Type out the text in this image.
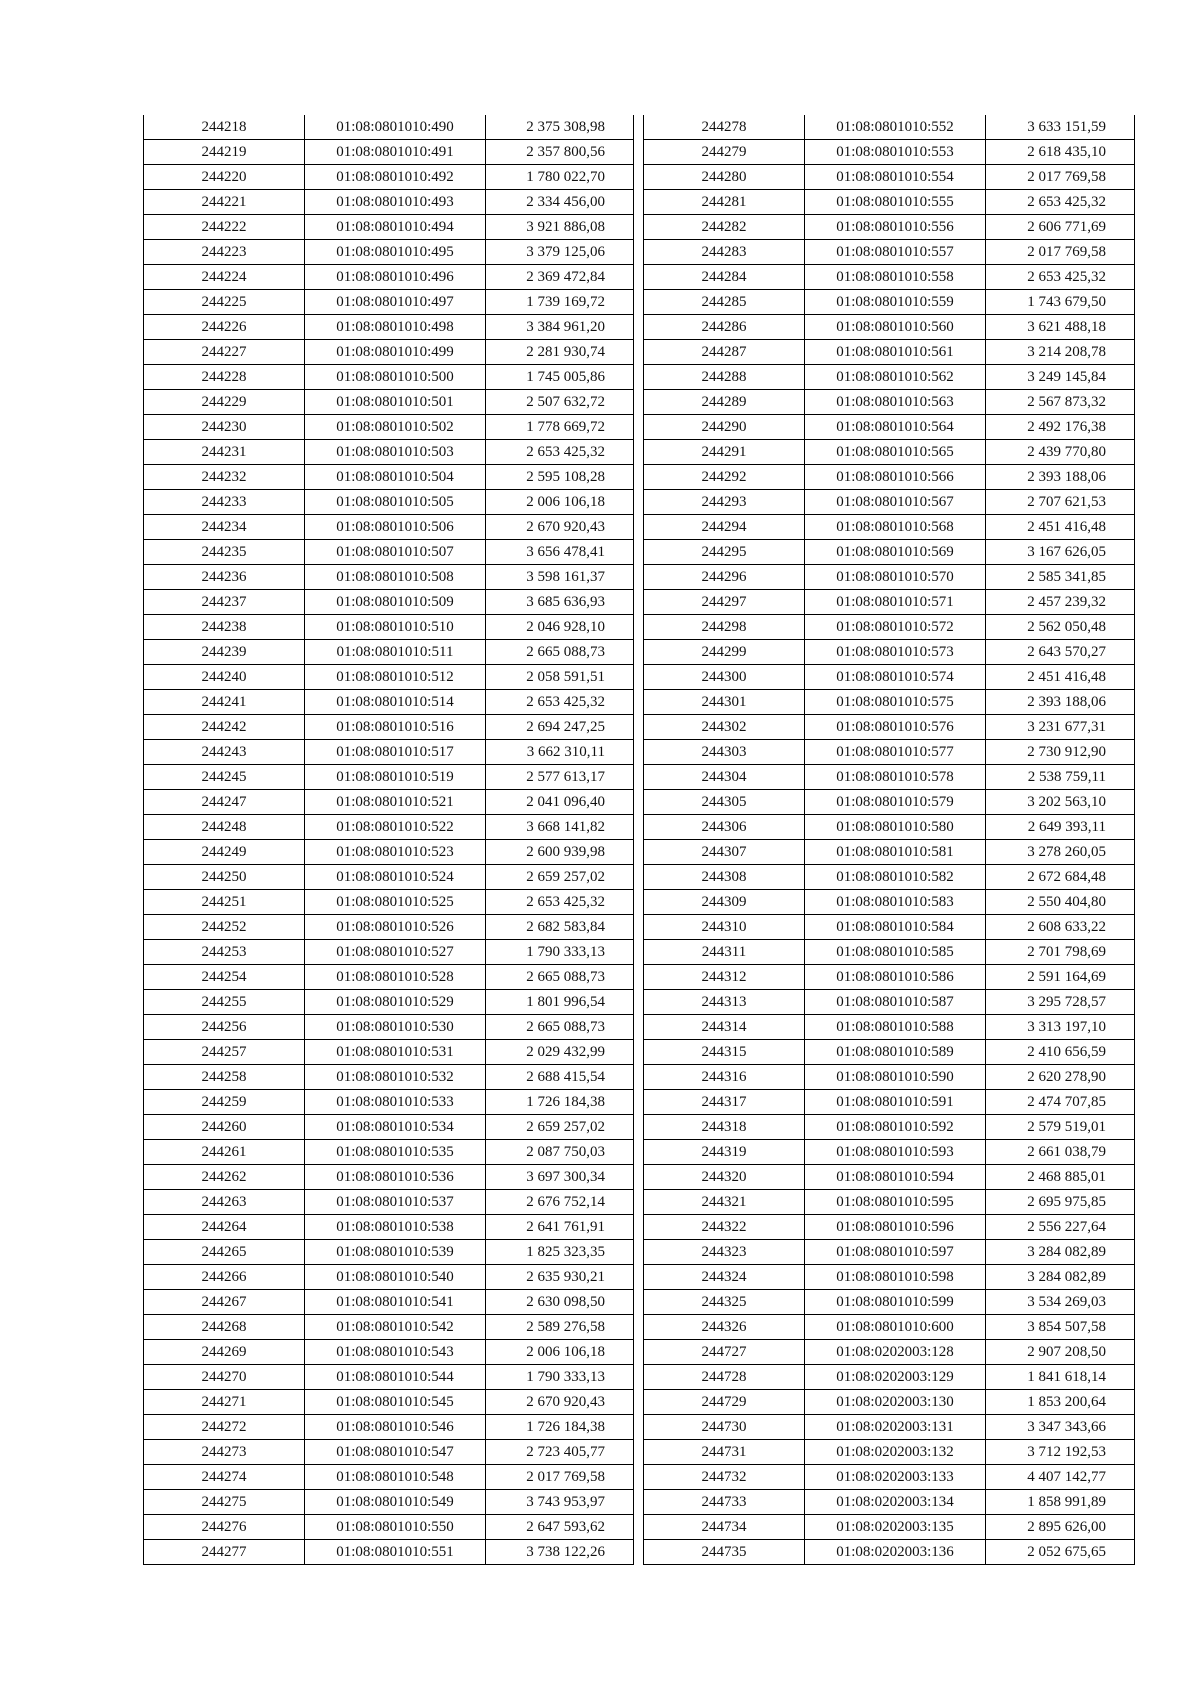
244218	01:08:0801010:490	2 375 308,98
244219	01:08:0801010:491	2 357 800,56
244220	01:08:0801010:492	1 780 022,70
244221	01:08:0801010:493	2 334 456,00
244222	01:08:0801010:494	3 921 886,08
244223	01:08:0801010:495	3 379 125,06
244224	01:08:0801010:496	2 369 472,84
244225	01:08:0801010:497	1 739 169,72
244226	01:08:0801010:498	3 384 961,20
244227	01:08:0801010:499	2 281 930,74
244228	01:08:0801010:500	1 745 005,86
244229	01:08:0801010:501	2 507 632,72
244230	01:08:0801010:502	1 778 669,72
244231	01:08:0801010:503	2 653 425,32
244232	01:08:0801010:504	2 595 108,28
244233	01:08:0801010:505	2 006 106,18
244234	01:08:0801010:506	2 670 920,43
244235	01:08:0801010:507	3 656 478,41
244236	01:08:0801010:508	3 598 161,37
244237	01:08:0801010:509	3 685 636,93
244238	01:08:0801010:510	2 046 928,10
244239	01:08:0801010:511	2 665 088,73
244240	01:08:0801010:512	2 058 591,51
244241	01:08:0801010:514	2 653 425,32
244242	01:08:0801010:516	2 694 247,25
244243	01:08:0801010:517	3 662 310,11
244245	01:08:0801010:519	2 577 613,17
244247	01:08:0801010:521	2 041 096,40
244248	01:08:0801010:522	3 668 141,82
244249	01:08:0801010:523	2 600 939,98
244250	01:08:0801010:524	2 659 257,02
244251	01:08:0801010:525	2 653 425,32
244252	01:08:0801010:526	2 682 583,84
244253	01:08:0801010:527	1 790 333,13
244254	01:08:0801010:528	2 665 088,73
244255	01:08:0801010:529	1 801 996,54
244256	01:08:0801010:530	2 665 088,73
244257	01:08:0801010:531	2 029 432,99
244258	01:08:0801010:532	2 688 415,54
244259	01:08:0801010:533	1 726 184,38
244260	01:08:0801010:534	2 659 257,02
244261	01:08:0801010:535	2 087 750,03
244262	01:08:0801010:536	3 697 300,34
244263	01:08:0801010:537	2 676 752,14
244264	01:08:0801010:538	2 641 761,91
244265	01:08:0801010:539	1 825 323,35
244266	01:08:0801010:540	2 635 930,21
244267	01:08:0801010:541	2 630 098,50
244268	01:08:0801010:542	2 589 276,58
244269	01:08:0801010:543	2 006 106,18
244270	01:08:0801010:544	1 790 333,13
244271	01:08:0801010:545	2 670 920,43
244272	01:08:0801010:546	1 726 184,38
244273	01:08:0801010:547	2 723 405,77
244274	01:08:0801010:548	2 017 769,58
244275	01:08:0801010:549	3 743 953,97
244276	01:08:0801010:550	2 647 593,62
244277	01:08:0801010:551	3 738 122,26
244278	01:08:0801010:552	3 633 151,59
244279	01:08:0801010:553	2 618 435,10
244280	01:08:0801010:554	2 017 769,58
244281	01:08:0801010:555	2 653 425,32
244282	01:08:0801010:556	2 606 771,69
244283	01:08:0801010:557	2 017 769,58
244284	01:08:0801010:558	2 653 425,32
244285	01:08:0801010:559	1 743 679,50
244286	01:08:0801010:560	3 621 488,18
244287	01:08:0801010:561	3 214 208,78
244288	01:08:0801010:562	3 249 145,84
244289	01:08:0801010:563	2 567 873,32
244290	01:08:0801010:564	2 492 176,38
244291	01:08:0801010:565	2 439 770,80
244292	01:08:0801010:566	2 393 188,06
244293	01:08:0801010:567	2 707 621,53
244294	01:08:0801010:568	2 451 416,48
244295	01:08:0801010:569	3 167 626,05
244296	01:08:0801010:570	2 585 341,85
244297	01:08:0801010:571	2 457 239,32
244298	01:08:0801010:572	2 562 050,48
244299	01:08:0801010:573	2 643 570,27
244300	01:08:0801010:574	2 451 416,48
244301	01:08:0801010:575	2 393 188,06
244302	01:08:0801010:576	3 231 677,31
244303	01:08:0801010:577	2 730 912,90
244304	01:08:0801010:578	2 538 759,11
244305	01:08:0801010:579	3 202 563,10
244306	01:08:0801010:580	2 649 393,11
244307	01:08:0801010:581	3 278 260,05
244308	01:08:0801010:582	2 672 684,48
244309	01:08:0801010:583	2 550 404,80
244310	01:08:0801010:584	2 608 633,22
244311	01:08:0801010:585	2 701 798,69
244312	01:08:0801010:586	2 591 164,69
244313	01:08:0801010:587	3 295 728,57
244314	01:08:0801010:588	3 313 197,10
244315	01:08:0801010:589	2 410 656,59
244316	01:08:0801010:590	2 620 278,90
244317	01:08:0801010:591	2 474 707,85
244318	01:08:0801010:592	2 579 519,01
244319	01:08:0801010:593	2 661 038,79
244320	01:08:0801010:594	2 468 885,01
244321	01:08:0801010:595	2 695 975,85
244322	01:08:0801010:596	2 556 227,64
244323	01:08:0801010:597	3 284 082,89
244324	01:08:0801010:598	3 284 082,89
244325	01:08:0801010:599	3 534 269,03
244326	01:08:0801010:600	3 854 507,58
244727	01:08:0202003:128	2 907 208,50
244728	01:08:0202003:129	1 841 618,14
244729	01:08:0202003:130	1 853 200,64
244730	01:08:0202003:131	3 347 343,66
244731	01:08:0202003:132	3 712 192,53
244732	01:08:0202003:133	4 407 142,77
244733	01:08:0202003:134	1 858 991,89
244734	01:08:0202003:135	2 895 626,00
244735	01:08:0202003:136	2 052 675,65
